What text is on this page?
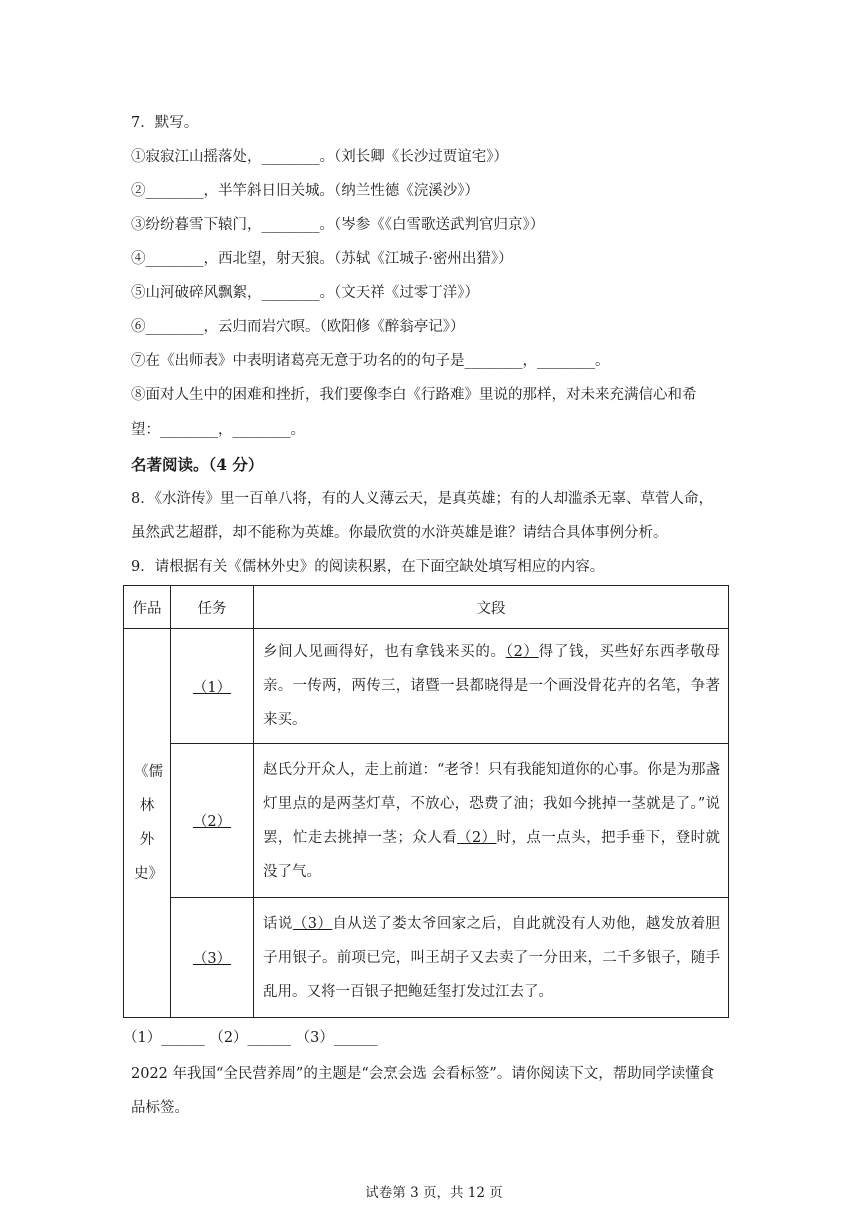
7．默写。
①寂寂江山摇落处，________。（刘长卿《长沙过贾谊宅》）
②________，半竿斜日旧关城。（纳兰性德《浣溪沙》）
③纷纷暮雪下辕门，________。（岑参《《白雪歌送武判官归京》）
④________，西北望，射天狼。（苏轼《江城子·密州出猎》）
⑤山河破碎风飘絮，________。（文天祥《过零丁洋》）
⑥________，云归而岩穴暝。（欧阳修《醉翁亭记》）
⑦在《出师表》中表明诸葛亮无意于功名的的句子是________，________。
⑧面对人生中的困难和挫折，我们要像李白《行路难》里说的那样，对未来充满信心和希
望：________，________。
名著阅读。（4 分）
8．《水浒传》里一百单八将，有的人义薄云天，是真英雄；有的人却滥杀无辜、草菅人命，
虽然武艺超群，却不能称为英雄。你最欣赏的水浒英雄是谁？请结合具体事例分析。
9．请根据有关《儒林外史》的阅读积累，在下面空缺处填写相应的内容。
作品	任务	文段
《儒林外史》	（1）	乡间人见画得好，也有拿钱来买的。（2）得了钱，买些好东西孝敬母亲。一传两，两传三，诸暨一县都晓得是一个画没骨花卉的名笔，争著来买。
	（2）	赵氏分开众人，走上前道：“老爷！只有我能知道你的心事。你是为那盏灯里点的是两茎灯草，不放心，恐费了油；我如今挑掉一茎就是了。”说罢，忙走去挑掉一茎；众人看（2）时，点一点头，把手垂下，登时就没了气。
	（3）	话说（3）自从送了娄太爷回家之后，自此就没有人劝他，越发放着胆子用银子。前项已完，叫王胡子又去卖了一分田来，二千多银子，随手乱用。又将一百银子把鲍廷玺打发过江去了。
（1）______ （2）______ （3）______
2022 年我国“全民营养周”的主题是“会烹会选 会看标签”。请你阅读下文，帮助同学读懂食
品标签。
试卷第 3 页，共 12 页
